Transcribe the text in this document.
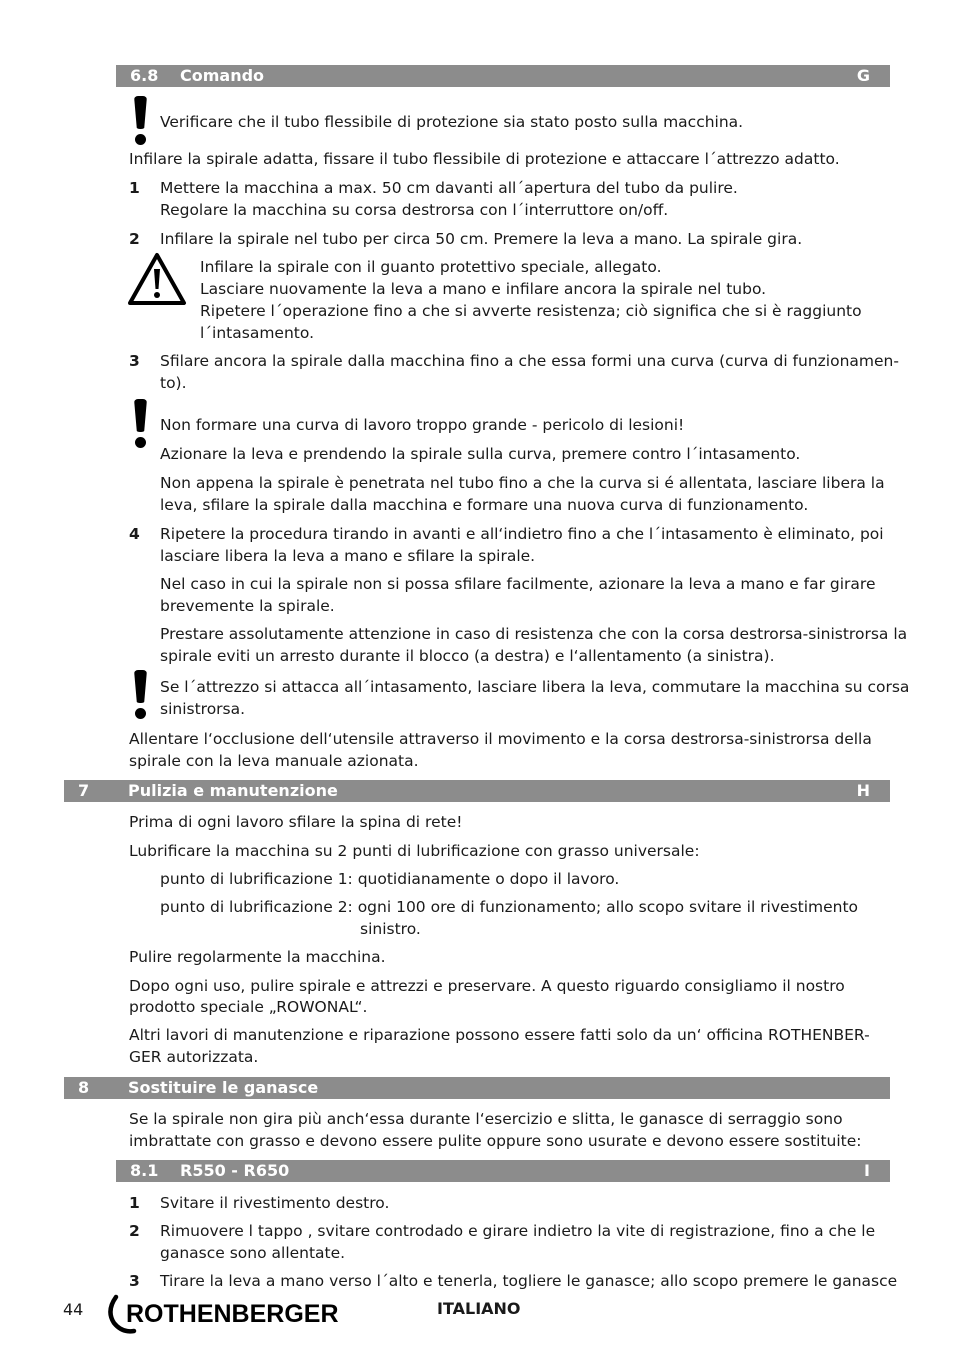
6.8 Comando	G
Verificare che il tubo flessibile di protezione sia stato posto sulla macchina.
Infilare la spirale adatta, fissare il tubo flessibile di protezione e attaccare l´attrezzo adatto.
1 Mettere la macchina a max. 50 cm davanti all´apertura del tubo da pulire.
Regolare la macchina su corsa destrorsa con l´interruttore on/off.
2 Infilare la spirale nel tubo per circa 50 cm. Premere la leva a mano. La spirale gira.
Infilare la spirale con il guanto protettivo speciale, allegato.
Lasciare nuovamente la leva a mano e infilare ancora la spirale nel tubo.
Ripetere l´operazione fino a che si avverte resistenza; ciò significa che si è raggiunto
l´intasamento.
3 Sfilare ancora la spirale dalla macchina fino a che essa formi una curva (curva di funzionamen-
to).
Non formare una curva di lavoro troppo grande - pericolo di lesioni!
Azionare la leva e prendendo la spirale sulla curva, premere contro l´intasamento.
Non appena la spirale è penetrata nel tubo fino a che la curva si é allentata, lasciare libera la
leva, sfilare la spirale dalla macchina e formare una nuova curva di funzionamento.
4 Ripetere la procedura tirando in avanti e all‘indietro fino a che l´intasamento è eliminato, poi
lasciare libera la leva a mano e sfilare la spirale.
Nel caso in cui la spirale non si possa sfilare facilmente, azionare la leva a mano e far girare
brevemente la spirale.
Prestare assolutamente attenzione in caso di resistenza che con la corsa destrorsa-sinistrorsa la
spirale eviti un arresto durante il blocco (a destra) e l‘allentamento (a sinistra).
Se l´attrezzo si attacca all´intasamento, lasciare libera la leva, commutare la macchina su corsa
sinistrorsa.
Allentare l‘occlusione dell‘utensile attraverso il movimento e la corsa destrorsa-sinistrorsa della
spirale con la leva manuale azionata.
7 Pulizia e manutenzione	H
Prima di ogni lavoro sfilare la spina di rete!
Lubrificare la macchina su 2 punti di lubrificazione con grasso universale:
punto di lubrificazione 1: quotidianamente o dopo il lavoro.
punto di lubrificazione 2: ogni 100 ore di funzionamento; allo scopo svitare il rivestimento
sinistro.
Pulire regolarmente la macchina.
Dopo ogni uso, pulire spirale e attrezzi e preservare. A questo riguardo consigliamo il nostro
prodotto speciale „ROWONAL“.
Altri lavori di manutenzione e riparazione possono essere fatti solo da un‘ officina ROTHENBER-
GER autorizzata.
8 Sostituire le ganasce
Se la spirale non gira più anch‘essa durante l‘esercizio e slitta, le ganasce di serraggio sono
imbrattate con grasso e devono essere pulite oppure sono usurate e devono essere sostituite:
8.1 R550 - R650	I
1 Svitare il rivestimento destro.
2 Rimuovere l tappo , svitare controdado e girare indietro la vite di registrazione, fino a che le
ganasce sono allentate.
3 Tirare la leva a mano verso l´alto e tenerla, togliere le ganasce; allo scopo premere le ganasce
44 ROTHENBERGER	ITALIANO
